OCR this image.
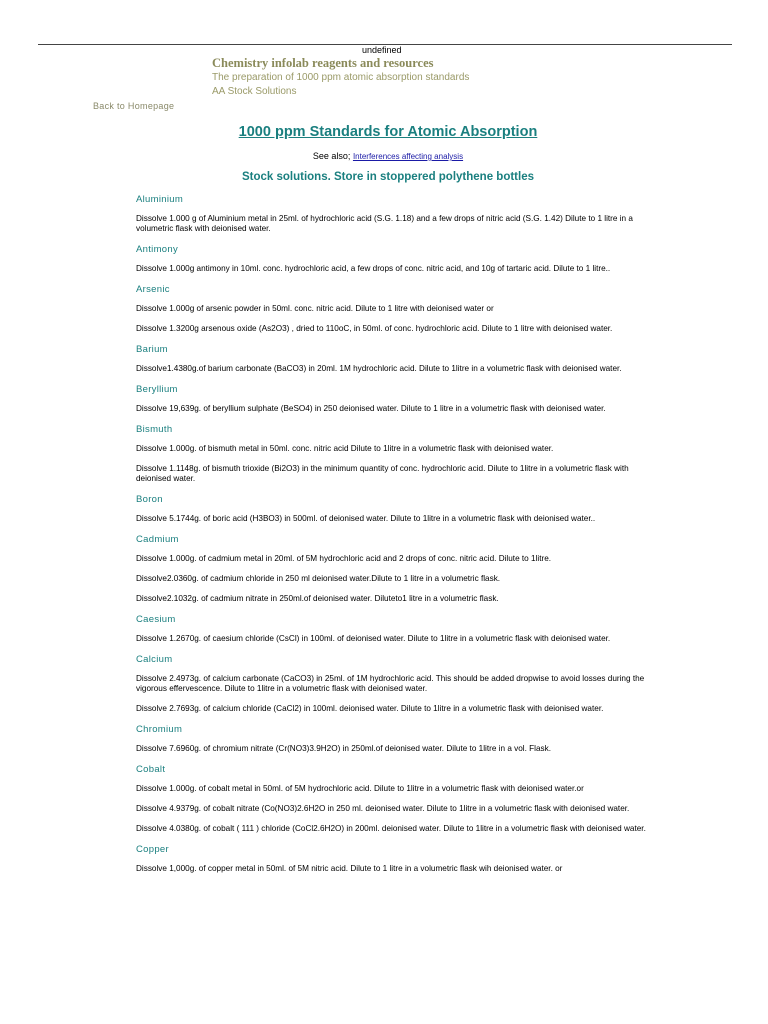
undefined
Chemistry infolab reagents and resources
The preparation of 1000 ppm atomic absorption standards
AA Stock Solutions
Back to Homepage
1000 ppm Standards for Atomic Absorption
See also; Interferences affecting analysis
Stock solutions. Store in stoppered polythene bottles

Aluminium

Dissolve 1.000 g of Aluminium metal in 25ml. of hydrochloric acid (S.G. 1.18) and a few drops of nitric acid (S.G. 1.42) Dilute to 1 litre in a volumetric flask with deionised water.

Antimony

Dissolve 1.000g antimony in 10ml. conc. hydrochloric acid, a few drops of conc. nitric acid, and 10g of tartaric acid. Dilute to 1 litre..

Arsenic

Dissolve 1.000g of arsenic powder in 50ml. conc. nitric acid. Dilute to 1 litre with deionised water or

Dissolve 1.3200g arsenous oxide (As2O3) , dried to 110oC, in 50ml. of conc. hydrochloric acid. Dilute to 1 litre with deionised water.

Barium

Dissolve1.4380g.of barium carbonate (BaCO3) in 20ml. 1M hydrochloric acid. Dilute to 1litre in a volumetric flask with deionised water.

Beryllium

Dissolve 19,639g. of beryllium sulphate (BeSO4) in 250 deionised water. Dilute to 1 litre in a volumetric flask with deionised water.

Bismuth

Dissolve 1.000g. of bismuth metal in 50ml. conc. nitric acid Dilute to 1litre in a volumetric flask with deionised water.

Dissolve 1.1148g. of bismuth trioxide (Bi2O3) in the minimum quantity of conc. hydrochloric acid. Dilute to 1litre in a volumetric flask with deionised water.

Boron

Dissolve 5.1744g. of boric acid (H3BO3) in 500ml. of deionised water. Dilute to 1litre in a volumetric flask with deionised water..

Cadmium

Dissolve 1.000g. of cadmium metal in 20ml. of 5M hydrochloric acid and 2 drops of conc. nitric acid. Dilute to 1litre.

Dissolve2.0360g. of cadmium chloride in 250 ml deionised water.Dilute to 1 litre in a volumetric flask.

Dissolve2.1032g. of cadmium nitrate in 250ml.of deionised water. Diluteto1 litre in a volumetric flask.

Caesium

Dissolve 1.2670g. of caesium chloride (CsCl) in 100ml. of deionised water. Dilute to 1litre in a volumetric flask with deionised water.

Calcium

Dissolve 2.4973g. of calcium carbonate (CaCO3) in 25ml. of 1M hydrochloric acid. This should be added dropwise to avoid losses during the vigorous effervescence. Dilute to 1litre in a volumetric flask with deionised water.

Dissolve 2.7693g. of calcium chloride (CaCl2) in 100ml. deionised water. Dilute to 1litre in a volumetric flask with deionised water.

Chromium

Dissolve 7.6960g. of chromium nitrate (Cr(NO3)3.9H2O) in 250ml.of deionised water. Dilute to 1litre in a vol. Flask.

Cobalt

Dissolve 1.000g. of cobalt metal in 50ml. of 5M hydrochloric acid. Dilute to 1litre in a volumetric flask with deionised water.or

Dissolve 4.9379g. of cobalt nitrate (Co(NO3)2.6H2O in 250 ml. deionised water. Dilute to 1litre in a volumetric flask with deionised water.

Dissolve 4.0380g. of cobalt ( 111 ) chloride (CoCl2.6H2O) in 200ml. deionised water. Dilute to 1litre in a volumetric flask with deionised water.

Copper

Dissolve 1,000g. of copper metal in 50ml. of 5M nitric acid. Dilute to 1 litre in a volumetric flask wih deionised water. or
